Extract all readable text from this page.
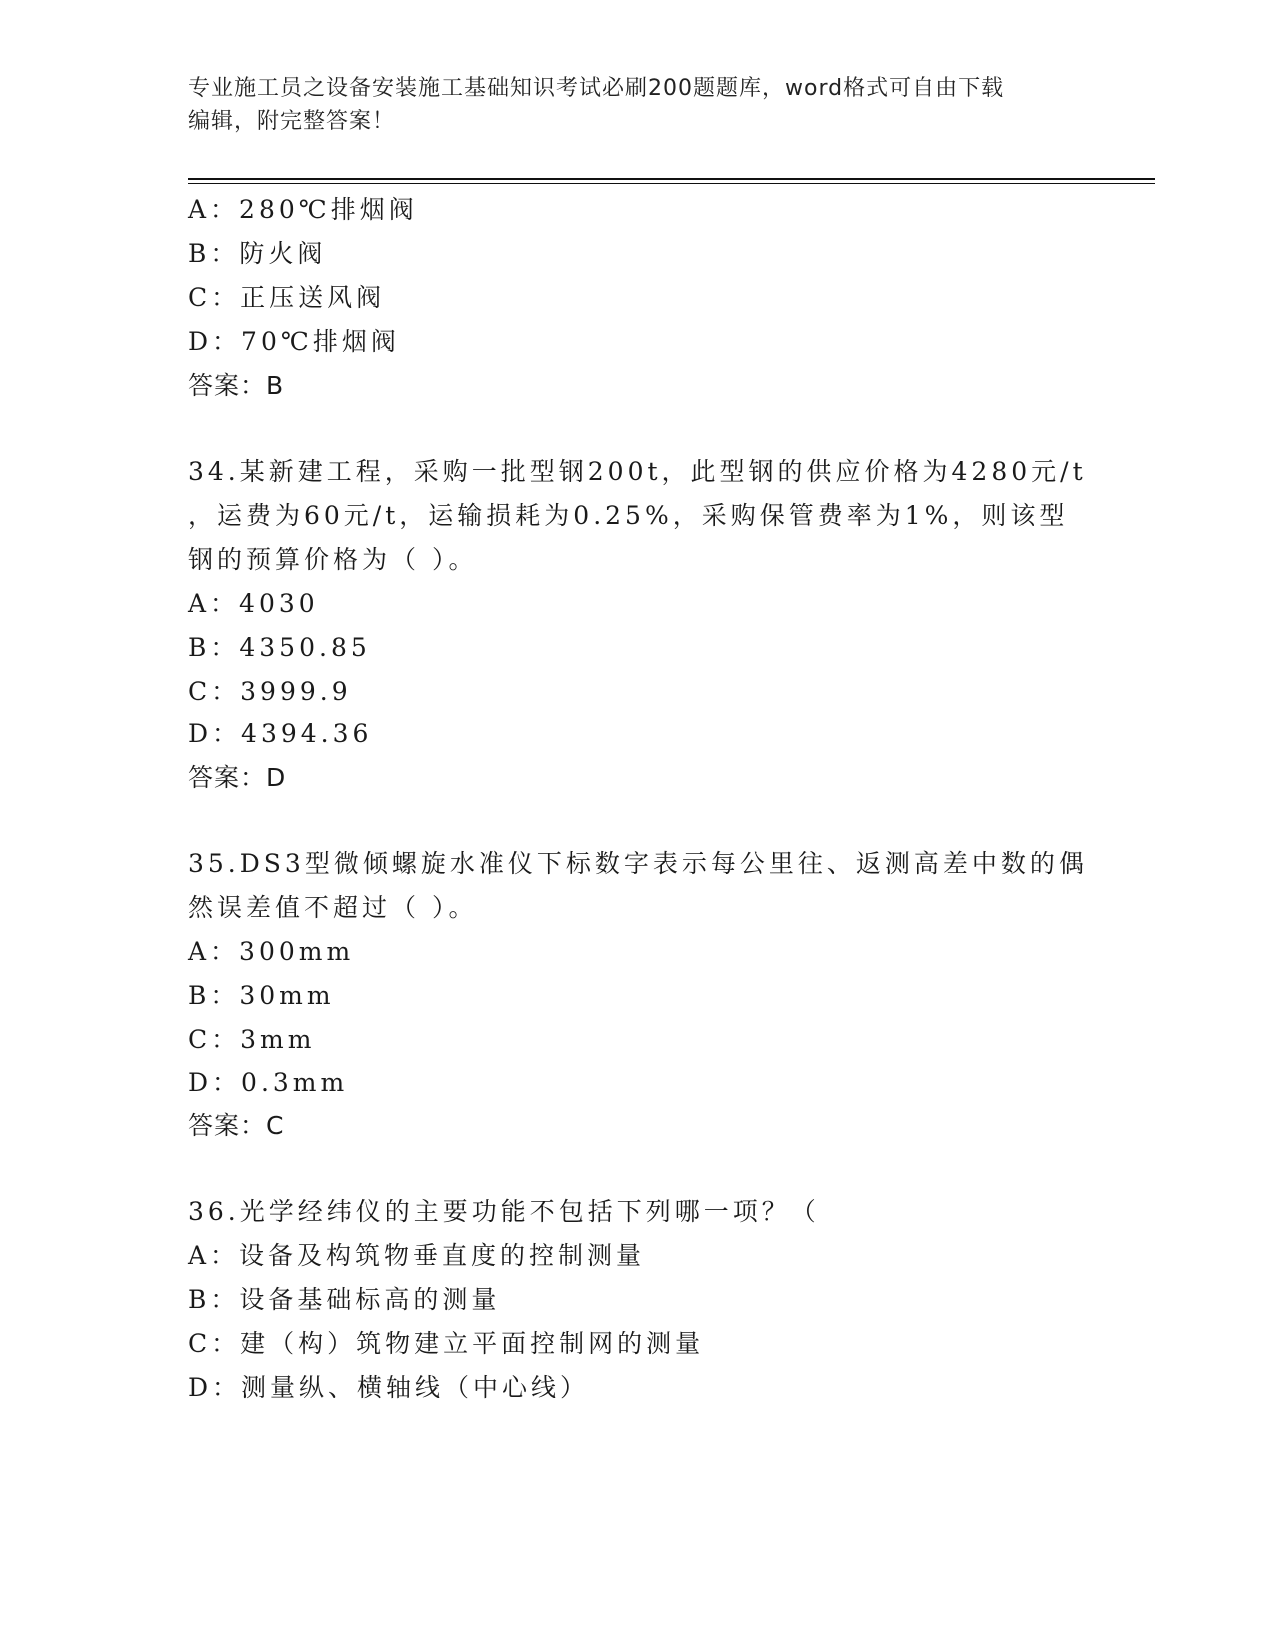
专业施工员之设备安装施工基础知识考试必刷200题题库，word格式可自由下载
编辑，附完整答案！
A：280℃排烟阀
B：防火阀
C：正压送风阀
D：70℃排烟阀
答案：B
34.某新建工程，采购一批型钢200t，此型钢的供应价格为4280元/t
，运费为60元/t，运输损耗为0.25%，采购保管费率为1%，则该型
钢的预算价格为（ ）。
A：4030
B：4350.85
C：3999.9
D：4394.36
答案：D
35.DS3型微倾螺旋水准仪下标数字表示每公里往、返测高差中数的偶
然误差值不超过（ ）。
A：300mm
B：30mm
C：3mm
D：0.3mm
答案：C
36.光学经纬仪的主要功能不包括下列哪一项？（
A：设备及构筑物垂直度的控制测量
B：设备基础标高的测量
C：建（构）筑物建立平面控制网的测量
D：测量纵、横轴线（中心线）
